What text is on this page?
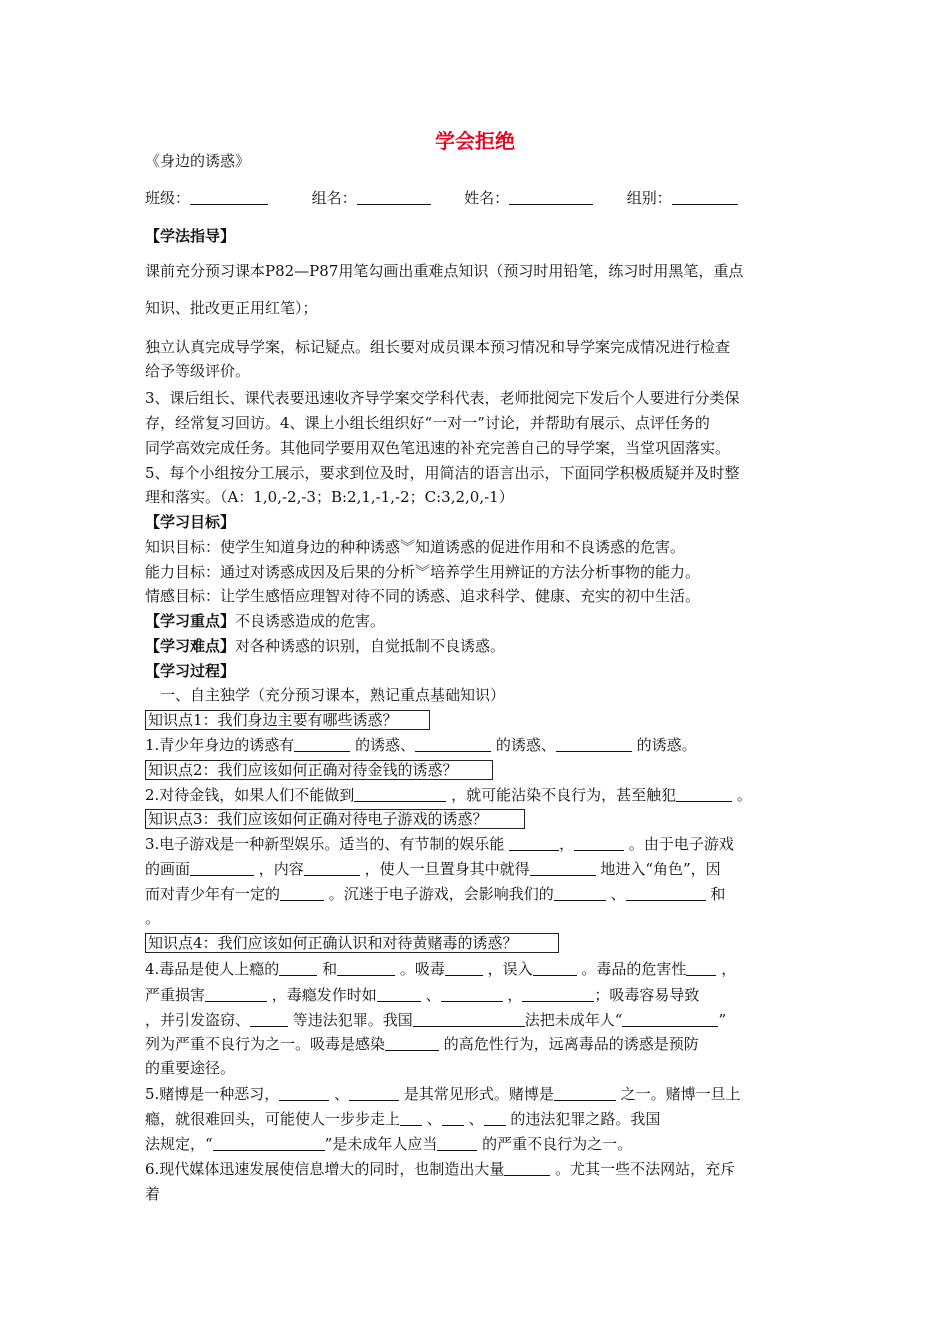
学会拒绝
《身边的诱惑》
班级：	组名：	姓名：	组别：
【学法指导】
课前充分预习课本P82—P87用笔勾画出重难点知识（预习时用铅笔，练习时用黑笔，重点
知识、批改更正用红笔）；
独立认真完成导学案，标记疑点。组长要对成员课本预习情况和导学案完成情况进行检查
给予等级评价。
3、课后组长、课代表要迅速收齐导学案交学科代表，老师批阅完下发后个人要进行分类保
存，经常复习回访。4、课上小组长组织好“一对一”讨论，并帮助有展示、点评任务的
同学高效完成任务。其他同学要用双色笔迅速的补充完善自己的导学案，当堂巩固落实。
5、每个小组按分工展示，要求到位及时，用简洁的语言出示，下面同学积极质疑并及时整
理和落实。（A：1,0,-2,-3；B:2,1,-1,-2；C:3,2,0,-1）
【学习目标】
知识目标：使学生知道身边的种种诱惑︾知道诱惑的促进作用和不良诱惑的危害。
能力目标：通过对诱惑成因及后果的分析︾培养学生用辨证的方法分析事物的能力。
情感目标：让学生感悟应理智对待不同的诱惑、追求科学、健康、充实的初中生活。
【学习重点】不良诱惑造成的危害。
【学习难点】对各种诱惑的识别，自觉抵制不良诱惑。
【学习过程】
一、自主独学（充分预习课本，熟记重点基础知识）
知识点1：我们身边主要有哪些诱惑？
1.青少年身边的诱惑有	的诱惑、	的诱惑、	的诱惑。
知识点2：我们应该如何正确对待金钱的诱惑？
2.对待金钱，如果人们不能做到	，就可能沾染不良行为，甚至触犯	。
知识点3：我们应该如何正确对待电子游戏的诱惑？
3.电子游戏是一种新型娱乐。适当的、有节制的娱乐能	，	。由于电子游戏
的画面	，内容	，使人一旦置身其中就得	地进入“角色”，因
而对青少年有一定的	。沉迷于电子游戏，会影响我们的	、	和
。
知识点4：我们应该如何正确认识和对待黄赌毒的诱惑？
4.毒品是使人上瘾的	和	。吸毒	，误入	。毒品的危害性 ，
严重损害	，毒瘾发作时如	、	，	；吸毒容易导致
，并引发盗窃、	等违法犯罪。我国	法把未成年人“	”
列为严重不良行为之一。吸毒是感染	的高危性行为，远离毒品的诱惑是预防
的重要途径。
5.赌博是一种恶习，	、	是其常见形式。赌博是	之一。赌博一旦上
瘾，就很难回头，可能使人一步步走上 、 、 的违法犯罪之路。我国
法规定，“	”是未成年人应当	的严重不良行为之一。
6.现代媒体迅速发展使信息增大的同时，也制造出大量	。尤其一些不法网站，充斥
着
